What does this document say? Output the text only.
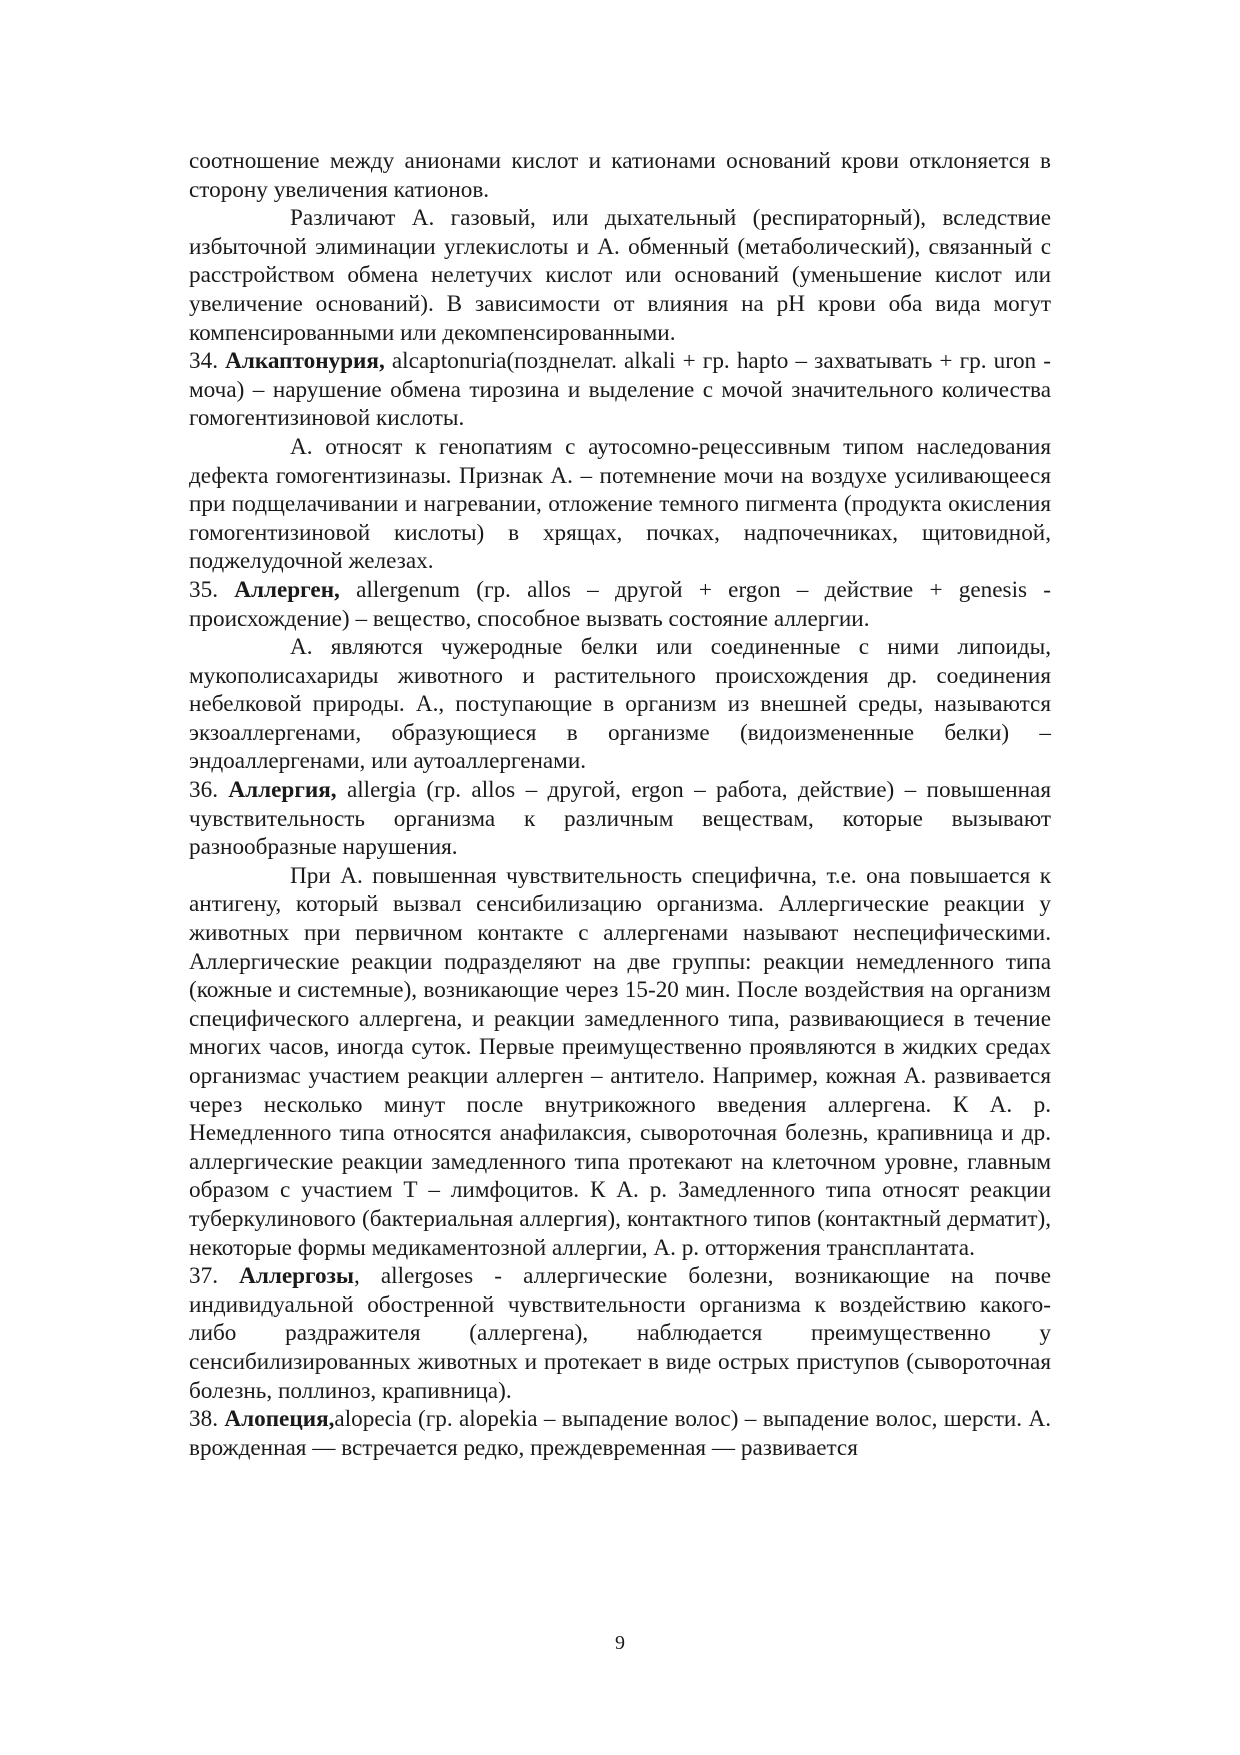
соотношение между анионами кислот и катионами оснований крови отклоняется в сторону увеличения катионов.

Различают А. газовый, или дыхательный (респираторный), вследствие избыточной элиминации углекислоты и А. обменный (метаболический), связанный с расстройством обмена нелетучих кислот или оснований (уменьшение кислот или увеличение оснований). В зависимости от влияния на pH крови оба вида могут компенсированными или декомпенсированными.

34. Алкаптонурия, alcaptonuria(позднелат. alkali + гр. hapto – захватывать + гр. uron - моча) – нарушение обмена тирозина и выделение с мочой значительного количества гомогентизиновой кислоты.

А. относят к генопатиям с аутосомно-рецессивным типом наследования дефекта гомогентизиназы. Признак А. – потемнение мочи на воздухе усиливающееся при подщелачивании и нагревании, отложение темного пигмента (продукта окисления гомогентизиновой кислоты) в хрящах, почках, надпочечниках, щитовидной, поджелудочной железах.

35. Аллерген, allergenum (гр. allos – другой + ergon – действие + genesis - происхождение) – вещество, способное вызвать состояние аллергии.

А. являются чужеродные белки или соединенные с ними липоиды, мукополисахариды животного и растительного происхождения др. соединения небелковой природы. А., поступающие в организм из внешней среды, называются экзоаллергенами, образующиеся в организме (видоизмененные белки) – эндоаллергенами, или аутоаллергенами.

36. Аллергия, allergia (гр. allos – другой, ergon – работа, действие) – повышенная чувствительность организма к различным веществам, которые вызывают разнообразные нарушения.

При А. повышенная чувствительность специфична, т.е. она повышается к антигену, который вызвал сенсибилизацию организма. Аллергические реакции у животных при первичном контакте с аллергенами называют неспецифическими. Аллергические реакции подразделяют на две группы: реакции немедленного типа (кожные и системные), возникающие через 15-20 мин. После воздействия на организм специфического аллергена, и реакции замедленного типа, развивающиеся в течение многих часов, иногда суток. Первые преимущественно проявляются в жидких средах организмас участием реакции аллерген – антитело. Например, кожная А. развивается через несколько минут после внутрикожного введения аллергена. К А. р. Немедленного типа относятся анафилаксия, сывороточная болезнь, крапивница и др. аллергические реакции замедленного типа протекают на клеточном уровне, главным образом с участием Т – лимфоцитов. К А. р. Замедленного типа относят реакции туберкулинового (бактериальная аллергия), контактного типов (контактный дерматит), некоторые формы медикаментозной аллергии, А. р. отторжения трансплантата.

37. Аллергозы, allergoses - аллергические болезни, возникающие на почве индивидуальной обостренной чувствительности организма к воздействию какого-либо раздражителя (аллергена), наблюдается преимущественно у сенсибилизированных животных и протекает в виде острых приступов (сывороточная болезнь, поллиноз, крапивница).

38. Алопеция,alopecia (гр. alopekia – выпадение волос) – выпадение волос, шерсти. А. врожденная — встречается редко, преждевременная — развивается

9
